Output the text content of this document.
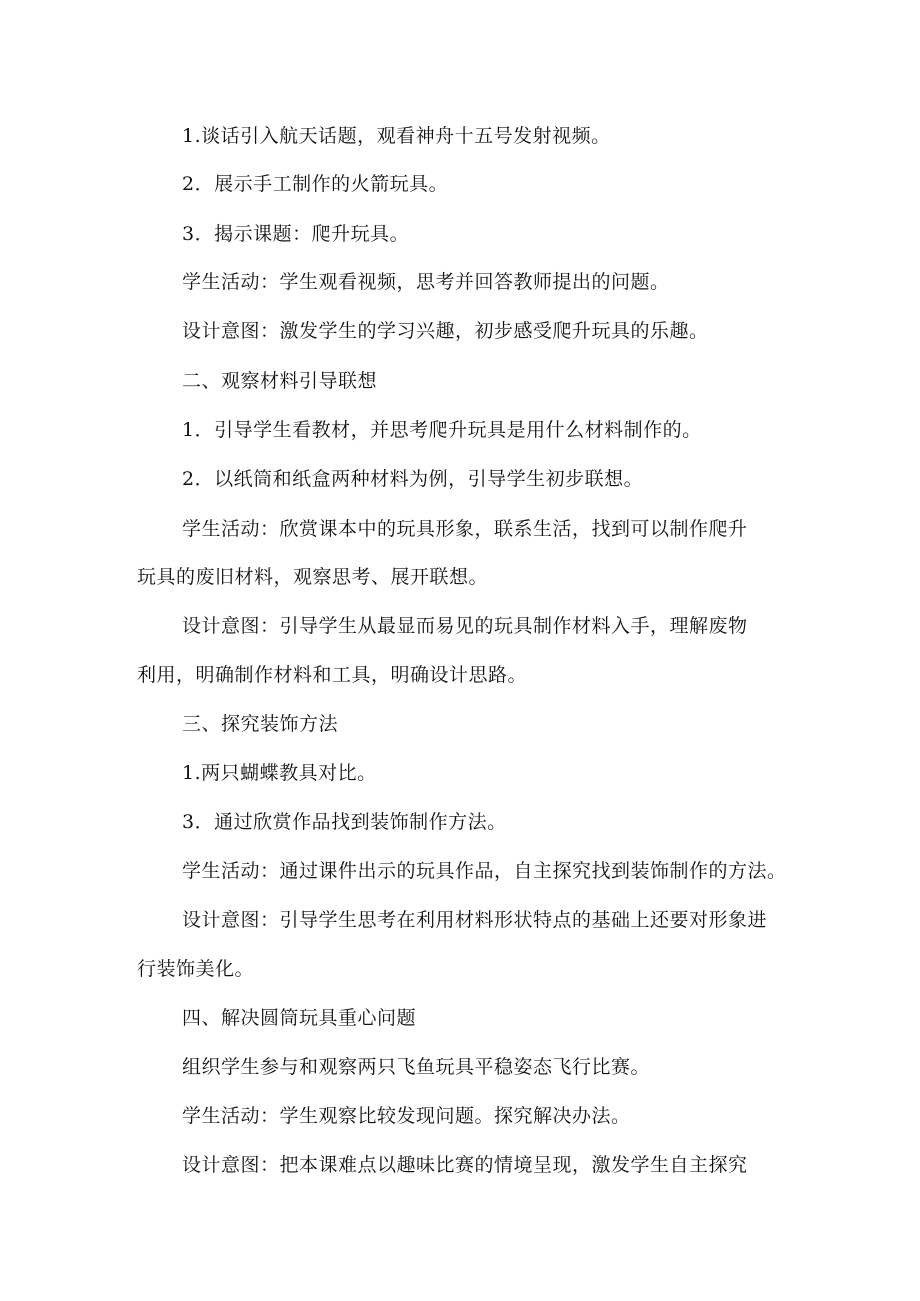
1.谈话引入航天话题，观看神舟十五号发射视频。
2．展示手工制作的火箭玩具。
3．揭示课题：爬升玩具。
学生活动：学生观看视频，思考并回答教师提出的问题。
设计意图：激发学生的学习兴趣，初步感受爬升玩具的乐趣。
二、观察材料引导联想
1．引导学生看教材，并思考爬升玩具是用什么材料制作的。
2．以纸筒和纸盒两种材料为例，引导学生初步联想。
学生活动：欣赏课本中的玩具形象，联系生活，找到可以制作爬升
玩具的废旧材料，观察思考、展开联想。
设计意图：引导学生从最显而易见的玩具制作材料入手，理解废物
利用，明确制作材料和工具，明确设计思路。
三、探究装饰方法
1.两只蝴蝶教具对比。
3．通过欣赏作品找到装饰制作方法。
学生活动：通过课件出示的玩具作品，自主探究找到装饰制作的方法。
设计意图：引导学生思考在利用材料形状特点的基础上还要对形象进
行装饰美化。
四、解决圆筒玩具重心问题
组织学生参与和观察两只飞鱼玩具平稳姿态飞行比赛。
学生活动：学生观察比较发现问题。探究解决办法。
设计意图：把本课难点以趣味比赛的情境呈现，激发学生自主探究
